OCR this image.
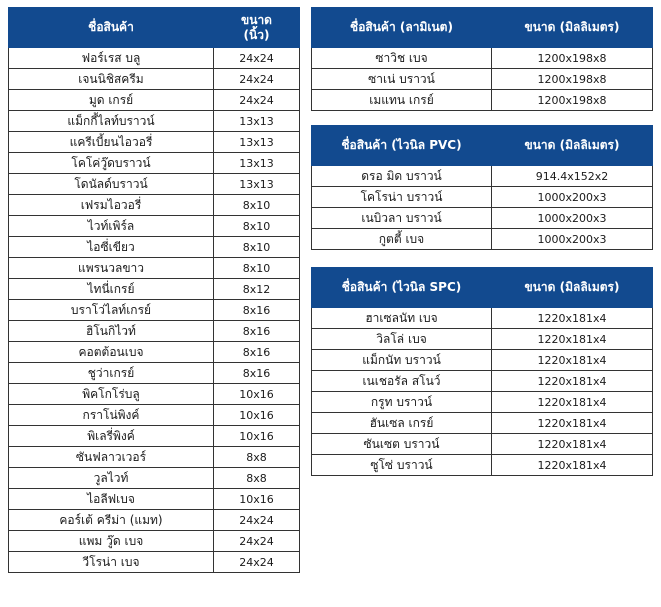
ชื่อสินค้า	ขนาด
(นิ้ว)
ฟอร์เรส บลู	24x24
เจนนิชิสครีม	24x24
มูด เกรย์	24x24
แม็กกี้ไลท์บราวน์	13x13
แครีเบี้ยนไอวอรี่	13x13
โคโค่วู๊ดบราวน์	13x13
โดนัลด์บราวน์	13x13
เฟรมไอวอรี่	8x10
ไวท์เพิร์ล	8x10
ไอซี่เขียว	8x10
แพรนวลขาว	8x10
ไทนี่เกรย์	8x12
บราโว่ไลท์เกรย์	8x16
ฮิโนกิไวท์	8x16
คอตต้อนเบจ	8x16
ชูว่าเกรย์	8x16
พิคโกโร่บลู	10x16
กราโน่พิงค์	10x16
พิเลรี่พิงค์	10x16
ซันฟลาวเวอร์	8x8
วูลไวท์	8x8
ไอลีฟเบจ	10x16
คอร์เต้ ครีม่า (แมท)	24x24
แพม วู๊ด เบจ	24x24
วีโรน่า เบจ	24x24
ชื่อสินค้า (ลามิเนต)	ขนาด (มิลลิเมตร)
ซาวิช เบจ	1200x198x8
ซาเน่ บราวน์	1200x198x8
เมแทน เกรย์	1200x198x8
ชื่อสินค้า (ไวนิล PVC)	ขนาด (มิลลิเมตร)
ดรอ มิด บราวน์	914.4x152x2
โคโรน่า บราวน์	1000x200x3
เนบิวลา บราวน์	1000x200x3
กูตตี้ เบจ	1000x200x3
ชื่อสินค้า (ไวนิล SPC)	ขนาด (มิลลิเมตร)
ฮาเซลนัท เบจ	1220x181x4
วิลโล่ เบจ	1220x181x4
แม็กนัท บราวน์	1220x181x4
เนเชอรัล สโนว์	1220x181x4
กรูท บราวน์	1220x181x4
ฮันเซล เกรย์	1220x181x4
ซันเซต บราวน์	1220x181x4
ซูโซ่ บราวน์	1220x181x4
